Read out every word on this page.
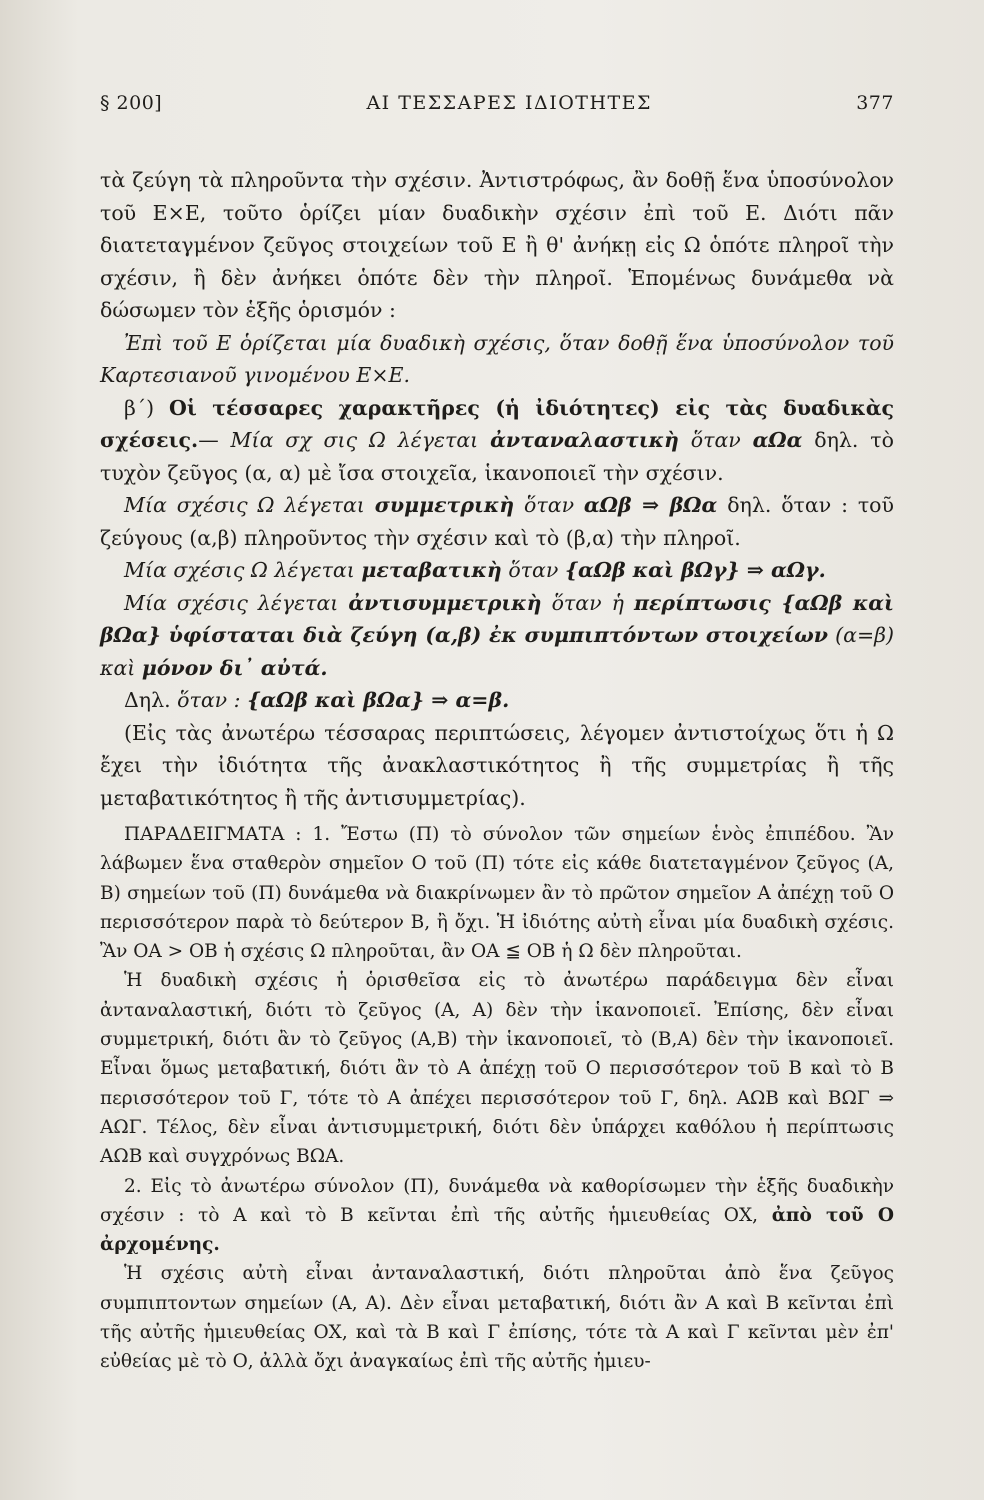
§ 200]	ΑΙ ΤΕΣΣΑΡΕΣ ΙΔΙΟΤΗΤΕΣ	377

τὰ ζεύγη τὰ πληροῦντα τὴν σχέσιν. Ἀντιστρόφως, ἂν δοθῇ ἕνα ὑποσύνολον τοῦ Ε×Ε, τοῦτο ὁρίζει μίαν δυαδικὴν σχέσιν ἐπὶ τοῦ Ε. Διότι πᾶν διατεταγμένον ζεῦγος στοιχείων τοῦ Ε ἢ θ' ἀνήκῃ εἰς Ω ὁπότε πληροῖ τὴν σχέσιν, ἢ δὲν ἀνήκει ὁπότε δὲν τὴν πληροῖ. Ἑπομένως δυνάμεθα νὰ δώσωμεν τὸν ἑξῆς ὁρισμόν :

Ἐπὶ τοῦ Ε ὁρίζεται μία δυαδικὴ σχέσις, ὅταν δοθῇ ἕνα ὑποσύνολον τοῦ Καρτεσιανοῦ γινομένου Ε×Ε.

β΄) Οἱ τέσσαρες χαρακτῆρες (ἡ ἰδιότητες) εἰς τὰς δυαδικὰς σχέσεις.— Μία σχ σις Ω λέγεται ἀνταναλαστικὴ ὅταν αΩα δηλ. τὸ τυχὸν ζεῦγος (α, α) μὲ ἴσα στοιχεῖα, ἱκανοποιεῖ τὴν σχέσιν.

Μία σχέσις Ω λέγεται συμμετρικὴ ὅταν αΩβ ⇒ βΩα δηλ. ὅταν : τοῦ ζεύγους (α,β) πληροῦντος τὴν σχέσιν καὶ τὸ (β,α) τὴν πληροῖ.

Μία σχέσις Ω λέγεται μεταβατικὴ ὅταν {αΩβ καὶ βΩγ} ⇒ αΩγ.

Μία σχέσις λέγεται ἀντισυμμετρικὴ ὅταν ἡ περίπτωσις {αΩβ καὶ βΩα} ὑφίσταται διὰ ζεύγη (α,β) ἐκ συμπιπτόντων στοιχείων (α=β) καὶ μόνον δι᾽ αὐτά.

Δηλ. ὅταν : {αΩβ καὶ βΩα} ⇒ α=β.

(Εἰς τὰς ἀνωτέρω τέσσαρας περιπτώσεις, λέγομεν ἀντιστοίχως ὅτι ἡ Ω ἔχει τὴν ἰδιότητα τῆς ἀνακλαστικότητος ἢ τῆς συμμετρίας ἢ τῆς μεταβατικότητος ἢ τῆς ἀντισυμμετρίας).

ΠΑΡΑΔΕΙΓΜΑΤΑ : 1. Ἔστω (Π) τὸ σύνολον τῶν σημείων ἑνὸς ἐπιπέδου. Ἂν λάβωμεν ἕνα σταθερὸν σημεῖον Ο τοῦ (Π) τότε εἰς κάθε διατεταγμένον ζεῦγος (Α, Β) σημείων τοῦ (Π) δυνάμεθα νὰ διακρίνωμεν ἂν τὸ πρῶτον σημεῖον Α ἀπέχῃ τοῦ Ο περισσότερον παρὰ τὸ δεύτερον Β, ἢ ὄχι. Ἡ ἰδιότης αὐτὴ εἶναι μία δυαδικὴ σχέσις. Ἂν ΟΑ > ΟΒ ἡ σχέσις Ω πληροῦται, ἂν ΟΑ ≦ ΟΒ ἡ Ω δὲν πληροῦται.

Ἡ δυαδικὴ σχέσις ἡ ὁρισθεῖσα εἰς τὸ ἀνωτέρω παράδειγμα δὲν εἶναι ἀνταναλαστική, διότι τὸ ζεῦγος (Α, Α) δὲν τὴν ἱκανοποιεῖ. Ἐπίσης, δὲν εἶναι συμμετρική, διότι ἂν τὸ ζεῦγος (Α,Β) τὴν ἱκανοποιεῖ, τὸ (Β,Α) δὲν τὴν ἱκανοποιεῖ. Εἶναι ὅμως μεταβατική, διότι ἂν τὸ Α ἀπέχῃ τοῦ Ο περισσότερον τοῦ Β καὶ τὸ Β περισσότερον τοῦ Γ, τότε τὸ Α ἀπέχει περισσότερον τοῦ Γ, δηλ. ΑΩΒ καὶ ΒΩΓ ⇒ ΑΩΓ. Τέλος, δὲν εἶναι ἀντισυμμετρική, διότι δὲν ὑπάρχει καθόλου ἡ περίπτωσις ΑΩΒ καὶ συγχρόνως ΒΩΑ.

2. Εἰς τὸ ἀνωτέρω σύνολον (Π), δυνάμεθα νὰ καθορίσωμεν τὴν ἑξῆς δυαδικὴν σχέσιν : τὸ Α καὶ τὸ Β κεῖνται ἐπὶ τῆς αὐτῆς ἡμιευθείας ΟΧ, ἀπὸ τοῦ Ο ἀρχομένης.

Ἡ σχέσις αὐτὴ εἶναι ἀνταναλαστική, διότι πληροῦται ἀπὸ ἕνα ζεῦγος συμπιπτοντων σημείων (Α, Α). Δὲν εἶναι μεταβατική, διότι ἂν Α καὶ Β κεῖνται ἐπὶ τῆς αὐτῆς ἡμιευθείας ΟΧ, καὶ τὰ Β καὶ Γ ἐπίσης, τότε τὰ Α καὶ Γ κεῖνται μὲν ἐπ' εὐθείας μὲ τὸ Ο, ἀλλὰ ὄχι ἀναγκαίως ἐπὶ τῆς αὐτῆς ἡμιευ-
